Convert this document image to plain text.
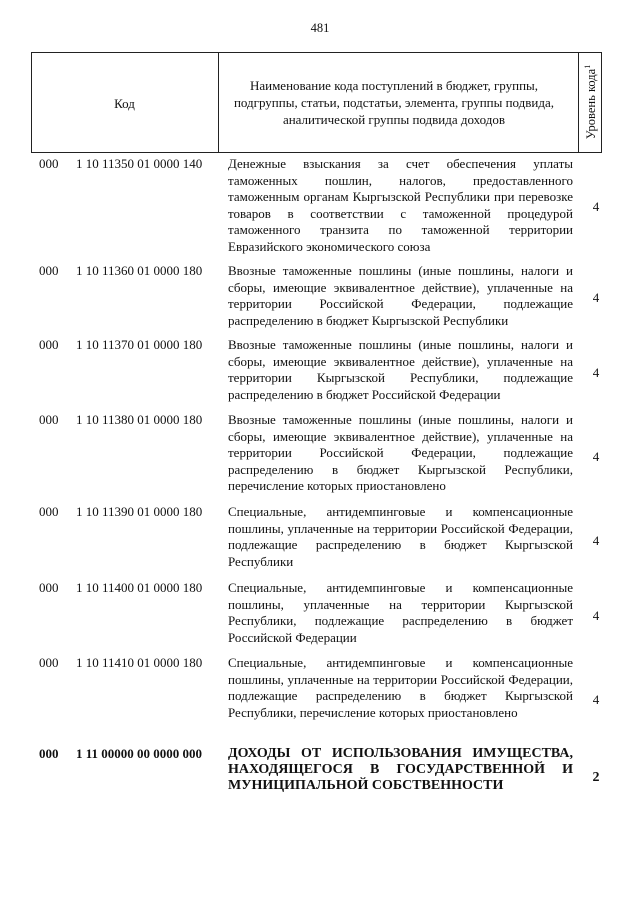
481
Код
Наименование кода поступлений в бюджет, группы, подгруппы, статьи, подстатьи, элемента, группы подвида, аналитической группы подвида доходов	Уровень кода$^1$
000 1 10 11350 01 0000 140 Денежные взыскания за счет обеспечения уплаты таможенных пошлин, налогов, предоставленного таможенным органам Кыргызской Республики при перевозке товаров в соответствии с таможенной процедурой таможенного транзита по таможенной территории Евразийского экономического союза
4
000 1 10 11360 01 0000 180 Ввозные таможенные пошлины (иные пошлины, налоги и сборы, имеющие эквивалентное действие), уплаченные на территории Российской Федерации, подлежащие распределению в бюджет Кыргызской Республики
4
000 1 10 11370 01 0000 180 Ввозные таможенные пошлины (иные пошлины, налоги и сборы, имеющие эквивалентное действие), уплаченные на территории Кыргызской Республики, подлежащие распределению в бюджет Российской Федерации
4
000 1 10 11380 01 0000 180 Ввозные таможенные пошлины (иные пошлины, налоги и сборы, имеющие эквивалентное действие), уплаченные на территории Российской Федерации, подлежащие распределению в бюджет Кыргызской Республики, перечисление которых приостановлено
4
000 1 10 11390 01 0000 180 Специальные, антидемпинговые и компенсационные пошлины, уплаченные на территории Российской Федерации, подлежащие распределению в бюджет Кыргызской Республики
4
000 1 10 11400 01 0000 180 Специальные, антидемпинговые и компенсационные пошлины, уплаченные на территории Кыргызской Республики, подлежащие распределению в бюджет Российской Федерации
4
000 1 10 11410 01 0000 180 Специальные, антидемпинговые и компенсационные пошлины, уплаченные на территории Российской Федерации, подлежащие распределению в бюджет Кыргызской Республики, перечисление которых приостановлено
4
000 1 11 00000 00 0000 000 ДОХОДЫ ОТ ИСПОЛЬЗОВАНИЯ ИМУЩЕСТВА, НАХОДЯЩЕГОСЯ В ГОСУДАРСТВЕННОЙ И МУНИЦИПАЛЬНОЙ СОБСТВЕННОСТИ
2
